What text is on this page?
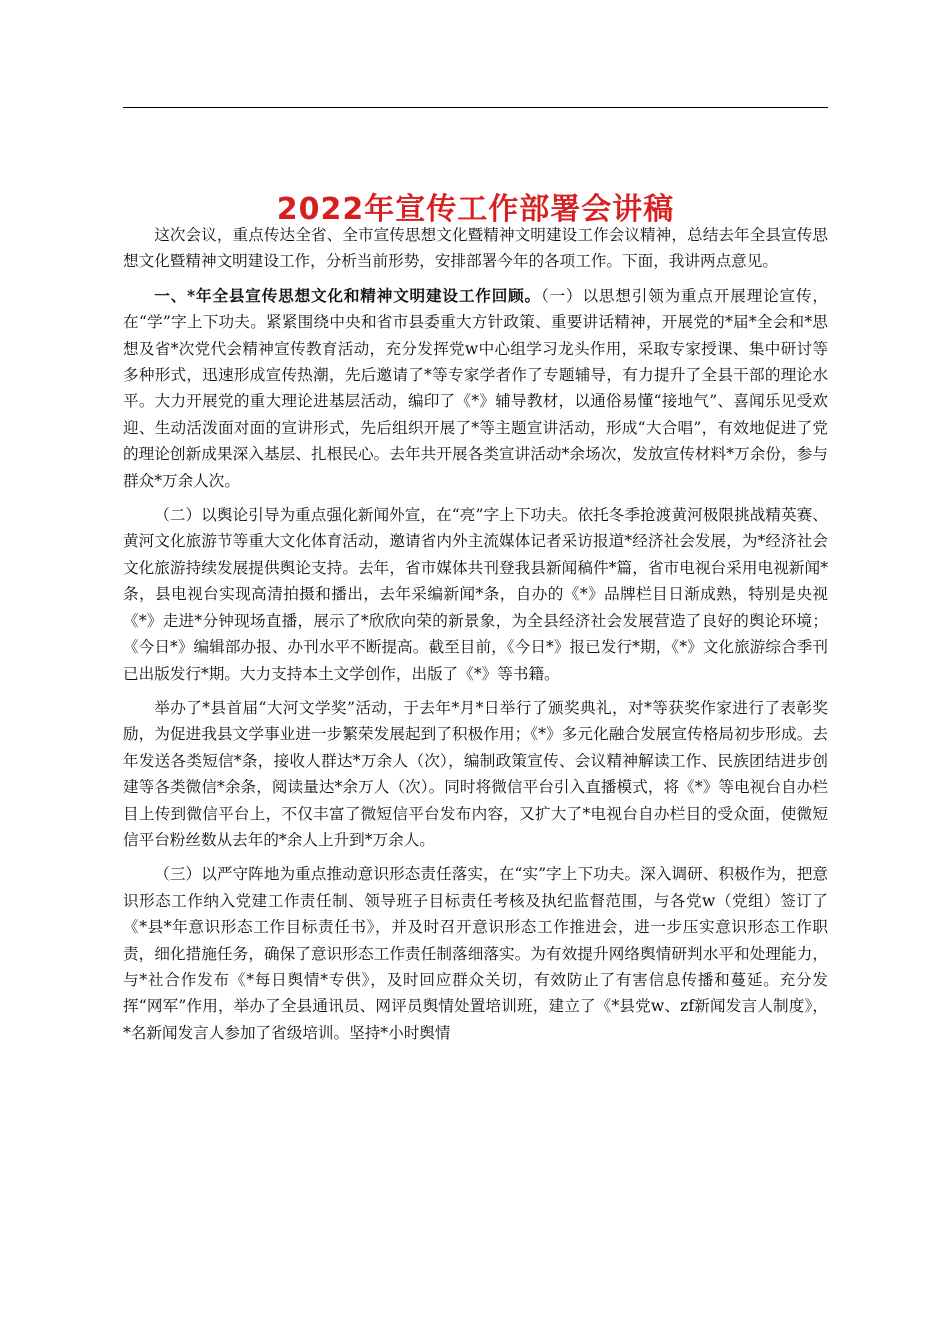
2022年宣传工作部署会讲稿

这次会议，重点传达全省、全市宣传思想文化暨精神文明建设工作会议精神，总结去年全县宣传思想文化暨精神文明建设工作，分析当前形势，安排部署今年的各项工作。下面，我讲两点意见。

一、*年全县宣传思想文化和精神文明建设工作回顾。（一）以思想引领为重点开展理论宣传，在“学”字上下功夫。紧紧围绕中央和省市县委重大方针政策、重要讲话精神，开展党的*届*全会和*思想及省*次党代会精神宣传教育活动，充分发挥党w中心组学习龙头作用，采取专家授课、集中研讨等多种形式，迅速形成宣传热潮，先后邀请了*等专家学者作了专题辅导，有力提升了全县干部的理论水平。大力开展党的重大理论进基层活动，编印了《*》辅导教材，以通俗易懂“接地气”、喜闻乐见受欢迎、生动活泼面对面的宣讲形式，先后组织开展了*等主题宣讲活动，形成“大合唱”，有效地促进了党的理论创新成果深入基层、扎根民心。去年共开展各类宣讲活动*余场次，发放宣传材料*万余份，参与群众*万余人次。

（二）以舆论引导为重点强化新闻外宣，在“亮”字上下功夫。依托冬季抢渡黄河极限挑战精英赛、黄河文化旅游节等重大文化体育活动，邀请省内外主流媒体记者采访报道*经济社会发展，为*经济社会文化旅游持续发展提供舆论支持。去年，省市媒体共刊登我县新闻稿件*篇，省市电视台采用电视新闻*条，县电视台实现高清拍摄和播出，去年采编新闻*条，自办的《*》品牌栏目日渐成熟，特别是央视《*》走进*分钟现场直播，展示了*欣欣向荣的新景象，为全县经济社会发展营造了良好的舆论环境；《今日*》编辑部办报、办刊水平不断提高。截至目前，《今日*》报已发行*期，《*》文化旅游综合季刊已出版发行*期。大力支持本土文学创作，出版了《*》等书籍。

举办了*县首届“大河文学奖”活动，于去年*月*日举行了颁奖典礼，对*等获奖作家进行了表彰奖励，为促进我县文学事业进一步繁荣发展起到了积极作用；《*》多元化融合发展宣传格局初步形成。去年发送各类短信*条，接收人群达*万余人（次），编制政策宣传、会议精神解读工作、民族团结进步创建等各类微信*余条，阅读量达*余万人（次）。同时将微信平台引入直播模式，将《*》等电视台自办栏目上传到微信平台上，不仅丰富了微短信平台发布内容，又扩大了*电视台自办栏目的受众面，使微短信平台粉丝数从去年的*余人上升到*万余人。

（三）以严守阵地为重点推动意识形态责任落实，在“实”字上下功夫。深入调研、积极作为，把意识形态工作纳入党建工作责任制、领导班子目标责任考核及执纪监督范围，与各党w（党组）签订了《*县*年意识形态工作目标责任书》，并及时召开意识形态工作推进会，进一步压实意识形态工作职责，细化措施任务，确保了意识形态工作责任制落细落实。为有效提升网络舆情研判水平和处理能力，与*社合作发布《*每日舆情*专供》，及时回应群众关切，有效防止了有害信息传播和蔓延。充分发挥“网军”作用，举办了全县通讯员、网评员舆情处置培训班，建立了《*县党w、zf新闻发言人制度》，*名新闻发言人参加了省级培训。坚持*小时舆情
